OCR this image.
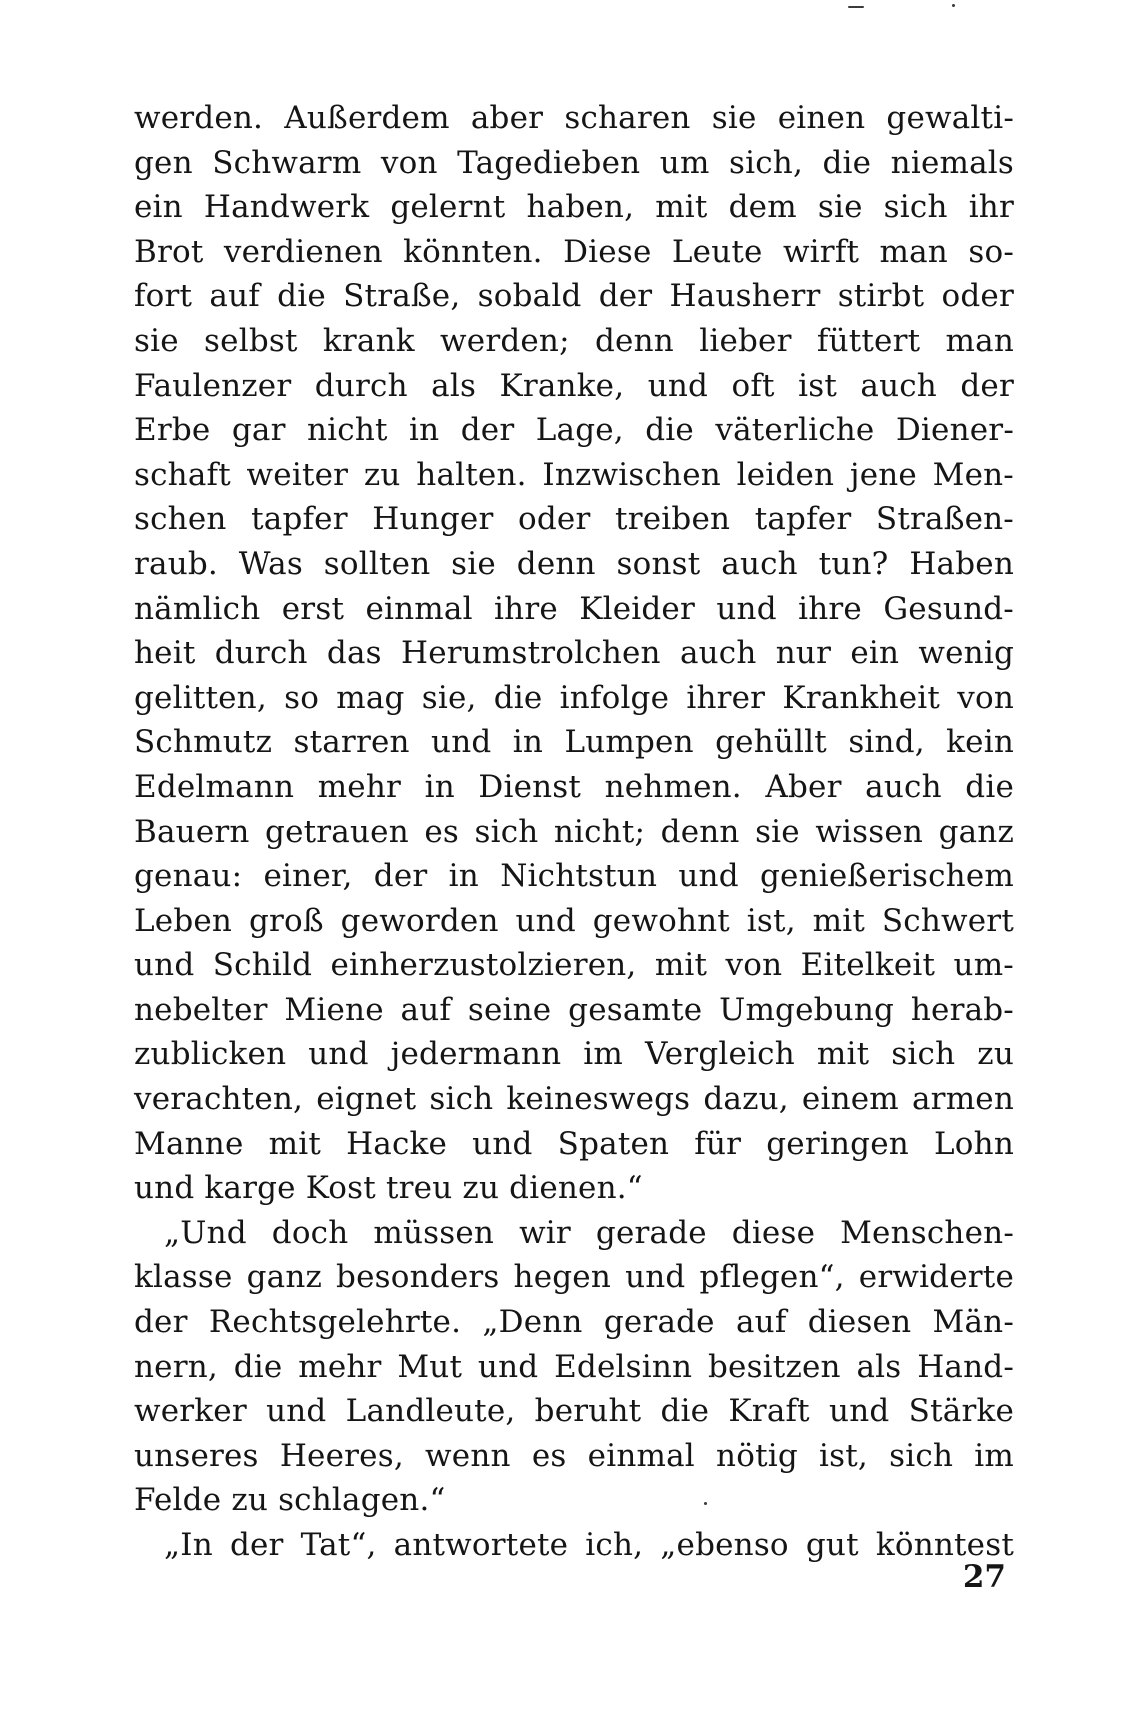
werden. Außerdem aber scharen sie einen gewalti-
gen Schwarm von Tagedieben um sich, die niemals
ein Handwerk gelernt haben, mit dem sie sich ihr
Brot verdienen könnten. Diese Leute wirft man so-
fort auf die Straße, sobald der Hausherr stirbt oder
sie selbst krank werden; denn lieber füttert man
Faulenzer durch als Kranke, und oft ist auch der
Erbe gar nicht in der Lage, die väterliche Diener-
schaft weiter zu halten. Inzwischen leiden jene Men-
schen tapfer Hunger oder treiben tapfer Straßen-
raub. Was sollten sie denn sonst auch tun? Haben
nämlich erst einmal ihre Kleider und ihre Gesund-
heit durch das Herumstrolchen auch nur ein wenig
gelitten, so mag sie, die infolge ihrer Krankheit von
Schmutz starren und in Lumpen gehüllt sind, kein
Edelmann mehr in Dienst nehmen. Aber auch die
Bauern getrauen es sich nicht; denn sie wissen ganz
genau: einer, der in Nichtstun und genießerischem
Leben groß geworden und gewohnt ist, mit Schwert
und Schild einherzustolzieren, mit von Eitelkeit um-
nebelter Miene auf seine gesamte Umgebung herab-
zublicken und jedermann im Vergleich mit sich zu
verachten, eignet sich keineswegs dazu, einem armen
Manne mit Hacke und Spaten für geringen Lohn
und karge Kost treu zu dienen.“
„Und doch müssen wir gerade diese Menschen-
klasse ganz besonders hegen und pflegen“, erwiderte
der Rechtsgelehrte. „Denn gerade auf diesen Män-
nern, die mehr Mut und Edelsinn besitzen als Hand-
werker und Landleute, beruht die Kraft und Stärke
unseres Heeres, wenn es einmal nötig ist, sich im
Felde zu schlagen.“
„In der Tat“, antwortete ich, „ebenso gut könntest
27
